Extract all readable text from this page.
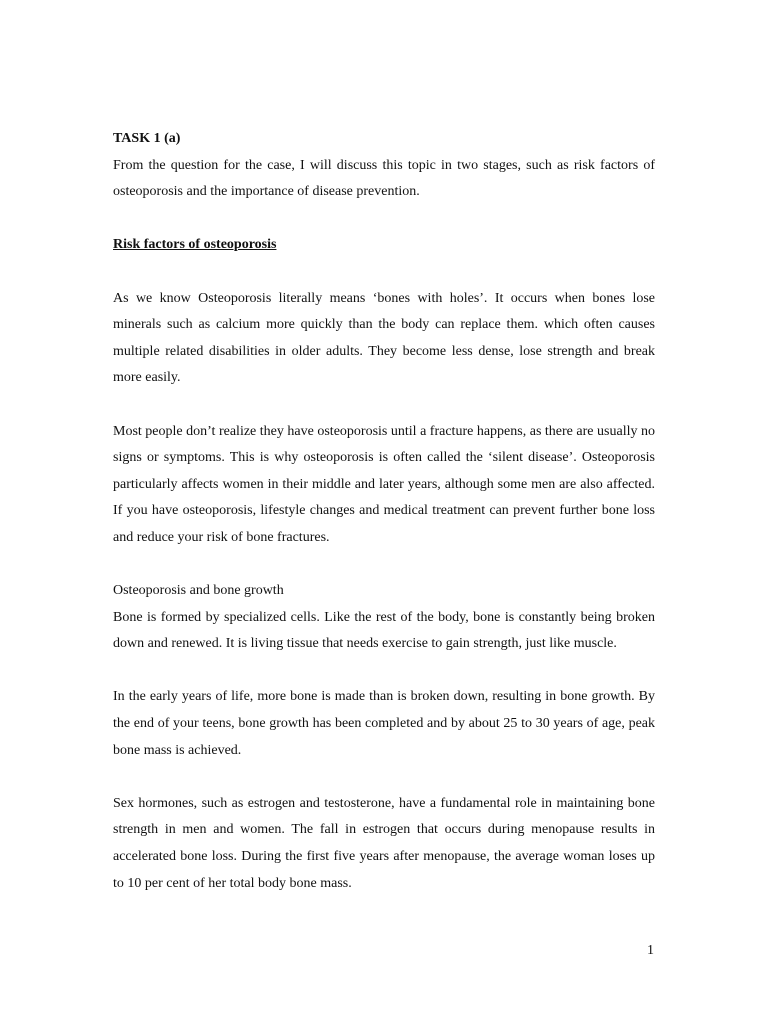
TASK 1 (a)

From the question for the case, I will discuss this topic in two stages, such as risk factors of osteoporosis and the importance of disease prevention.

Risk factors of osteoporosis

As we know Osteoporosis literally means ‘bones with holes’. It occurs when bones lose minerals such as calcium more quickly than the body can replace them. which often causes multiple related disabilities in older adults. They become less dense, lose strength and break more easily.

Most people don’t realize they have osteoporosis until a fracture happens, as there are usually no signs or symptoms. This is why osteoporosis is often called the ‘silent disease’. Osteoporosis particularly affects women in their middle and later years, although some men are also affected. If you have osteoporosis, lifestyle changes and medical treatment can prevent further bone loss and reduce your risk of bone fractures.

Osteoporosis and bone growth

Bone is formed by specialized cells. Like the rest of the body, bone is constantly being broken down and renewed. It is living tissue that needs exercise to gain strength, just like muscle.

In the early years of life, more bone is made than is broken down, resulting in bone growth. By the end of your teens, bone growth has been completed and by about 25 to 30 years of age, peak bone mass is achieved.

Sex hormones, such as estrogen and testosterone, have a fundamental role in maintaining bone strength in men and women. The fall in estrogen that occurs during menopause results in accelerated bone loss. During the first five years after menopause, the average woman loses up to 10 per cent of her total body bone mass.

1
